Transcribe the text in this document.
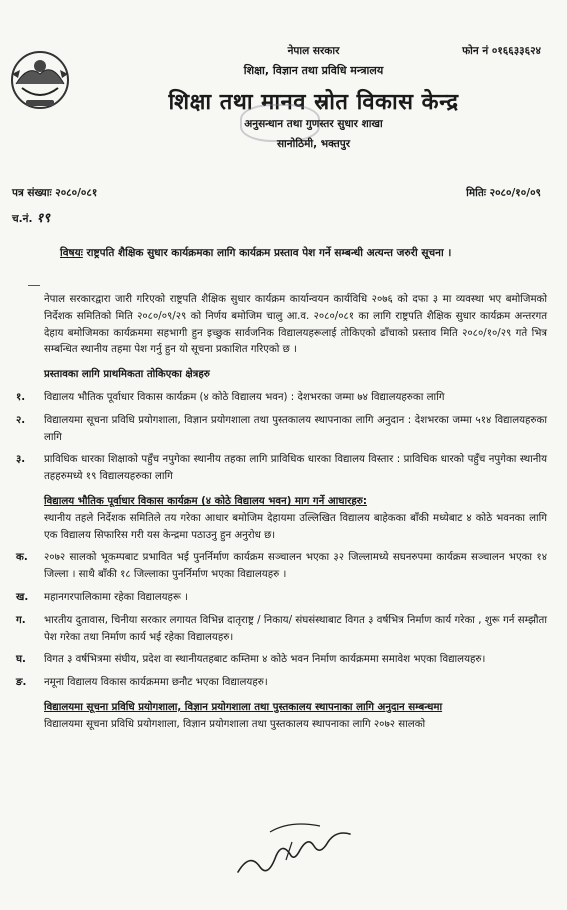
फोन नं ०१६६३३६२४
नेपाल सरकार
शिक्षा, विज्ञान तथा प्रविधि मन्त्रालय
शिक्षा तथा मानव स्रोत विकास केन्द्र
अनुसन्धान तथा गुणस्तर सुधार शाखा
सानोठिमी, भक्तपुर
पत्र संख्याः २०८०/०८१	मितिः २०८०/१०/०९
च.नं. १९
विषयः राष्ट्रपति शैक्षिक सुधार कार्यक्रमका लागि कार्यक्रम प्रस्ताव पेश गर्ने सम्बन्धी अत्यन्त जरुरी सूचना ।

नेपाल सरकारद्वारा जारी गरिएको राष्ट्रपति शैक्षिक सुधार कार्यक्रम कार्यान्वयन कार्यविधि २०७६ को दफा ३ मा व्यवस्था भए बमोजिमको निर्देशक समितिको मिति २०८०/०९/२९ को निर्णय बमोजिम चालु आ.व. २०८०/०८१ का लागि राष्ट्रपति शैक्षिक सुधार कार्यक्रम अन्तरगत देहाय बमोजिमका कार्यक्रममा सहभागी हुन इच्छुक सार्वजनिक विद्यालयहरूलाई तोकिएको ढाँचाको प्रस्ताव मिति २०८०/१०/२९ गते भित्र सम्बन्धित स्थानीय तहमा पेश गर्नु हुन यो सूचना प्रकाशित गरिएको छ ।

प्रस्तावका लागि प्राथमिकता तोकिएका क्षेत्रहरु

१.	विद्यालय भौतिक पूर्वाधार विकास कार्यक्रम (४ कोठे विद्यालय भवन) : देशभरका जम्मा ७४ विद्यालयहरुका लागि
२.	विद्यालयमा सूचना प्रविधि प्रयोगशाला, विज्ञान प्रयोगशाला तथा पुस्तकालय स्थापनाका लागि अनुदान : देशभरका जम्मा ५१४ विद्यालयहरुका लागि
३.	प्राविधिक धारका शिक्षाको पहुँच नपुगेका स्थानीय तहका लागि प्राविधिक धारका विद्यालय विस्तार : प्राविधिक धारको पहुँच नपुगेका स्थानीय तहहरुमध्ये १९ विद्यालयहरुका लागि

विद्यालय भौतिक पूर्वाधार विकास कार्यक्रम (४ कोठे विद्यालय भवन) माग गर्ने आधारहरु:

स्थानीय तहले निर्देशक समितिले तय गरेका आधार बमोजिम देहायमा उल्लिखित विद्यालय बाहेकका बाँकी मध्येबाट ४ कोठे भवनका लागि एक विद्यालय सिफारिस गरी यस केन्द्रमा पठाउनु हुन अनुरोध छ।

क.	२०७२ सालको भूकम्पबाट प्रभावित भई पुनर्निर्माण कार्यक्रम सञ्चालन भएका ३२ जिल्लामध्ये सघनरुपमा कार्यक्रम सञ्चालन भएका १४ जिल्ला । साथै बाँकी १८ जिल्लाका पुनर्निर्माण भएका विद्यालयहरु ।
ख.	महानगरपालिकामा रहेका विद्यालयहरू ।
ग.	भारतीय दुतावास, चिनीया सरकार लगायत विभिन्न दातृराष्ट्र / निकाय/ संघसंस्थाबाट विगत ३ वर्षभित्र निर्माण कार्य गरेका , शुरू गर्न सम्झौता पेश गरेका तथा निर्माण कार्य भई रहेका विद्यालयहरु।
घ.	विगत ३ वर्षभित्रमा संघीय, प्रदेश वा स्थानीयतहबाट कम्तिमा ४ कोठे भवन निर्माण कार्यक्रममा समावेश भएका विद्यालयहरु।
ङ.	नमूना विद्यालय विकास कार्यक्रममा छनौट भएका विद्यालयहरु।

विद्यालयमा सूचना प्रविधि प्रयोगशाला, विज्ञान प्रयोगशाला तथा पुस्तकालय स्थापनाका लागि अनुदान सम्बन्धमा

विद्यालयमा सूचना प्रविधि प्रयोगशाला, विज्ञान प्रयोगशाला तथा पुस्तकालय स्थापनाका लागि २०७२ सालको
